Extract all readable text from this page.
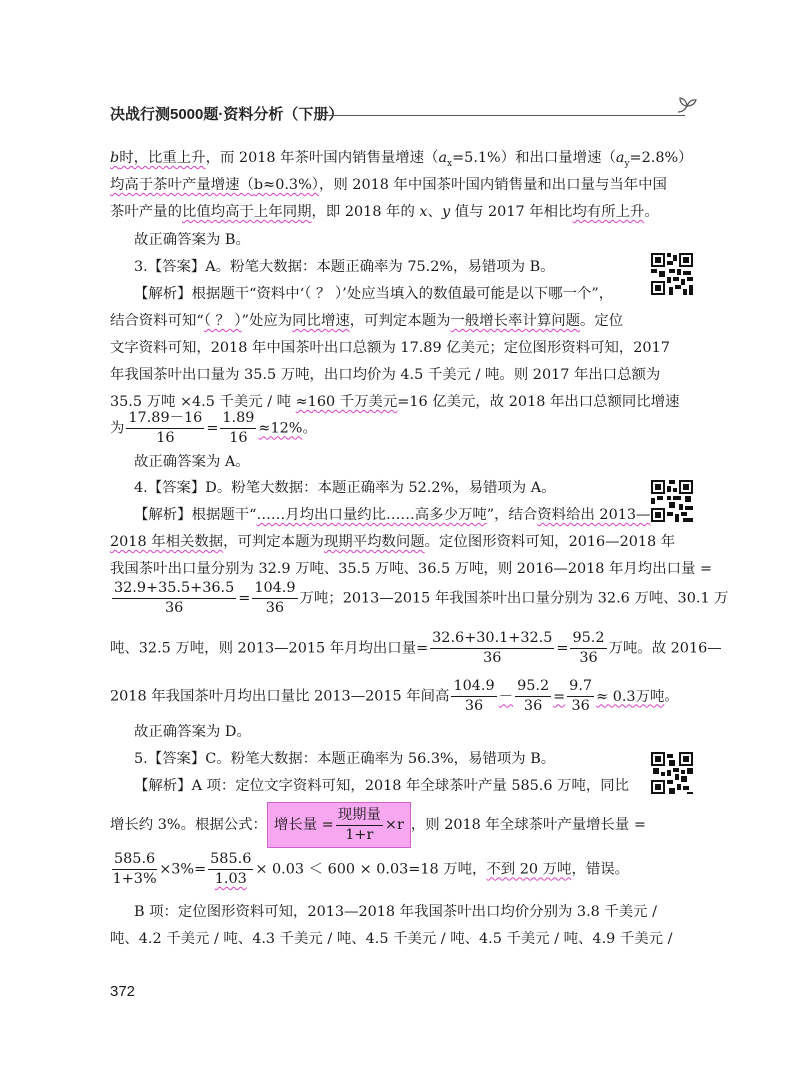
决战行测5000题·资料分析（下册）
b时，比重上升，而 2018 年茶叶国内销售量增速$(a_x=5.1\%)$和出口量增速$(a_y=2.8\%)$
均高于茶叶产量增速（b≈0.3%），则 2018 年中国茶叶国内销售量和出口量与当年中国
茶叶产量的比值均高于上年同期，即 2018 年的 x、y 值与 2017 年相比均有所上升。
故正确答案为 B。
3.【答案】A。粉笔大数据：本题正确率为 75.2%，易错项为 B。
【解析】根据题干“资料中‘（ ？ ）’处应当填入的数值最可能是以下哪一个”，
结合资料可知“（ ？ ）”处应为同比增速，可判定本题为一般增长率计算问题。定位
文字资料可知，2018 年中国茶叶出口总额为 17.89 亿美元；定位图形资料可知，2017
年我国茶叶出口量为 35.5 万吨，出口均价为 4.5 千美元 / 吨。则 2017 年出口总额为
35.5 万吨 ×4.5 千美元 / 吨 ≈160 千万美元=16 亿美元，故 2018 年出口总额同比增速
为 $\frac{17.89-16}{16} = \frac{1.89}{16} \approx 12\%$。
故正确答案为 A。
4.【答案】D。粉笔大数据：本题正确率为 52.2%，易错项为 A。
【解析】根据题干“……月均出口量约比……高多少万吨”，结合资料给出 2013—
2018 年相关数据，可判定本题为现期平均数问题。定位图形资料可知，2016—2018 年
我国茶叶出口量分别为 32.9 万吨、35.5 万吨、36.5 万吨，则 2016—2018 年月均出口量 =
$\frac{32.9+35.5+36.5}{36} = \frac{104.9}{36}$ 万吨；2013—2015 年我国茶叶出口量分别为 32.6 万吨、30.1 万
吨、32.5 万吨，则 2013—2015 年月均出口量= $\frac{32.6+30.1+32.5}{36} = \frac{95.2}{36}$ 万吨。故 2016—
2018 年我国茶叶月均出口量比 2013—2015 年间高 $\frac{104.9}{36} - \frac{95.2}{36} = \frac{9.7}{36} \approx 0.3$万吨。
故正确答案为 D。
5.【答案】C。粉笔大数据：本题正确率为 56.3%，易错项为 B。
【解析】A 项：定位文字资料可知，2018 年全球茶叶产量 585.6 万吨，同比
增长约 3%。根据公式： 增长量 = $\frac{\text{现期量}}{1+r} \times r$ ，则 2018 年全球茶叶产量增长量 =
$\frac{585.6}{1+3\%} \times 3\%= \frac{585.6}{1.03} \times 0.03 < 600 \times 0.03=18$ 万吨，不到 20 万吨，错误。
B 项：定位图形资料可知，2013—2018 年我国茶叶出口均价分别为 3.8 千美元 /
吨、4.2 千美元 / 吨、4.3 千美元 / 吨、4.5 千美元 / 吨、4.5 千美元 / 吨、4.9 千美元 /
372
